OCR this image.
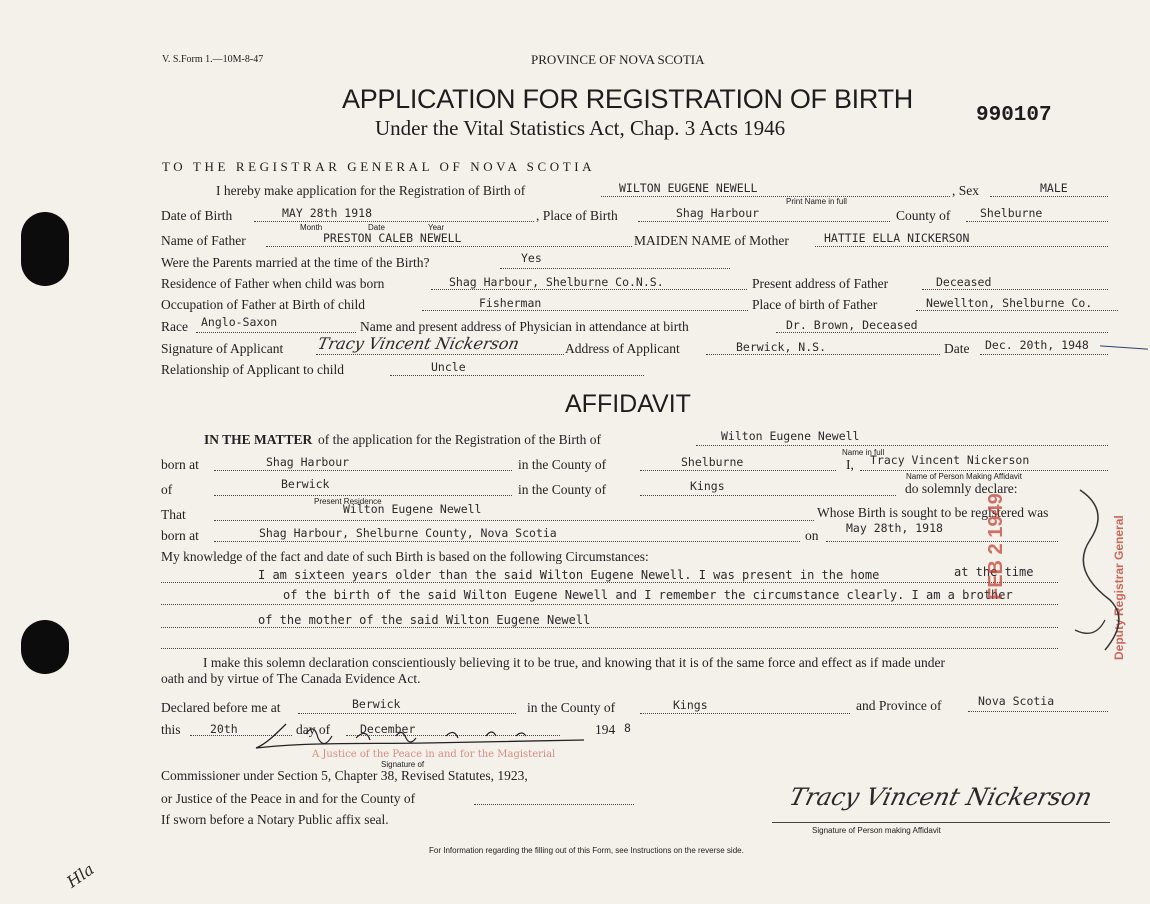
V. S.Form 1.—10M-8-47	PROVINCE OF NOVA SCOTIA
APPLICATION FOR REGISTRATION OF BIRTH
Under the Vital Statistics Act, Chap. 3 Acts 1946
990107
TO THE REGISTRAR GENERAL OF NOVA SCOTIA
I hereby make application for the Registration of Birth of	WILTON EUGENE NEWELL
Print Name in full
, Sex	MALE
Date of Birth	MAY 28th 1918
Month	Date	Year
, Place of Birth	Shag Harbour	County of	Shelburne
Name of Father	PRESTON CALEB NEWELL	MAIDEN NAME of Mother	HATTIE ELLA NICKERSON
Were the Parents married at the time of the Birth?	Yes
Residence of Father when child was born	Shag Harbour, Shelburne Co.N.S.	Present address of Father	Deceased
Occupation of Father at Birth of child	Fisherman	Place of birth of Father	Newellton, Shelburne Co.
Race Anglo-Saxon	Name and present address of Physician in attendance at birth	Dr. Brown, Deceased
Signature of Applicant Tracy Vincent Nickerson	Address of Applicant	Berwick, N.S.	Date Dec. 20th, 1948
Relationship of Applicant to child	Uncle
AFFIDAVIT
IN THE MATTER of the application for the Registration of the Birth of	Wilton Eugene Newell
born at	Shag Harbour	in the County of	Shelburne
Name in full
I, Tracy Vincent Nickerson
Name of Person Making Affidavit
of	Berwick
Present Residence
in the County of	Kings	do solemnly declare:
That	Wilton Eugene Newell	Whose Birth is sought to be registered was
born at	Shag Harbour, Shelburne County, Nova Scotia	on May 28th, 1918
My knowledge of the fact and date of such Birth is based on the following Circumstances:
I am sixteen years older than the said Wilton Eugene Newell. I was present in the home	at the time
of the birth of the said Wilton Eugene Newell and I remember the circumstance clearly. I am a brother
of the mother of the said Wilton Eugene Newell
I make this solemn declaration conscientiously believing it to be true, and knowing that it is of the same force and effect as if made under
oath and by virtue of The Canada Evidence Act.
Declared before me at	Berwick	in the County of	Kings	and Province of	Nova Scotia
this	20th	day of	December	194 8
Signature of
A Justice of the Peace in and for the Magisterial
Commissioner under Section 5, Chapter 38, Revised Statutes, 1923,
or Justice of the Peace in and for the County of
If sworn before a Notary Public affix seal.
Tracy Vincent Nickerson
Signature of Person making Affidavit
FEB 2 1949	Deputy Registrar General
For Information regarding the filling out of this Form, see Instructions on the reverse side.
Hla
